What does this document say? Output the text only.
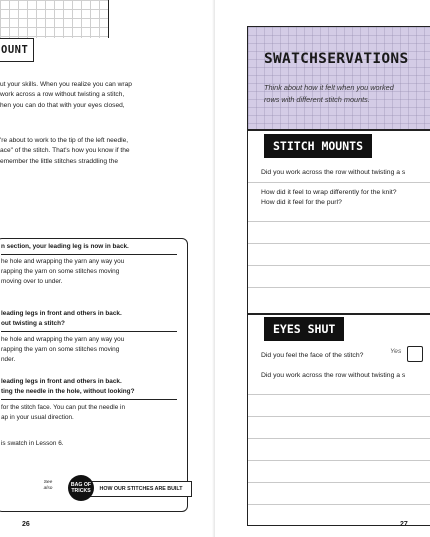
OUNT
ut your skills. When you realize you can wrap
work across a row without twisting a stitch,
hen you can do that with your eyes closed,
're about to work to the tip of the left needle,
ace" of the stitch. That's how you know if the
emember the little stitches straddling the
n section, your leading leg is now in back.
he hole and wrapping the yarn any way you
rapping the yarn on some stitches moving
moving over to under.
leading legs in front and others in back.
out twisting a stitch?
he hole and wrapping the yarn any way you
rapping the yarn on some stitches moving
nder.
leading legs in front and others in back.
ting the needle in the hole, without looking?
for the stitch face. You can put the needle in
ap in your usual direction.
is swatch in Lesson 6.
See also	HOW OUR STITCHES ARE BUILT
BAG OF
TRICKS
26
SWATCHSERVATIONS
Think about how it felt when you worked
rows with different stitch mounts.
STITCH MOUNTS
Did you work across the row without twisting a s
How did it feel to wrap differently for the knit?
How did it feel for the purl?
EYES SHUT
Did you feel the face of the stitch?
Yes
Did you work across the row without twisting a s
27
